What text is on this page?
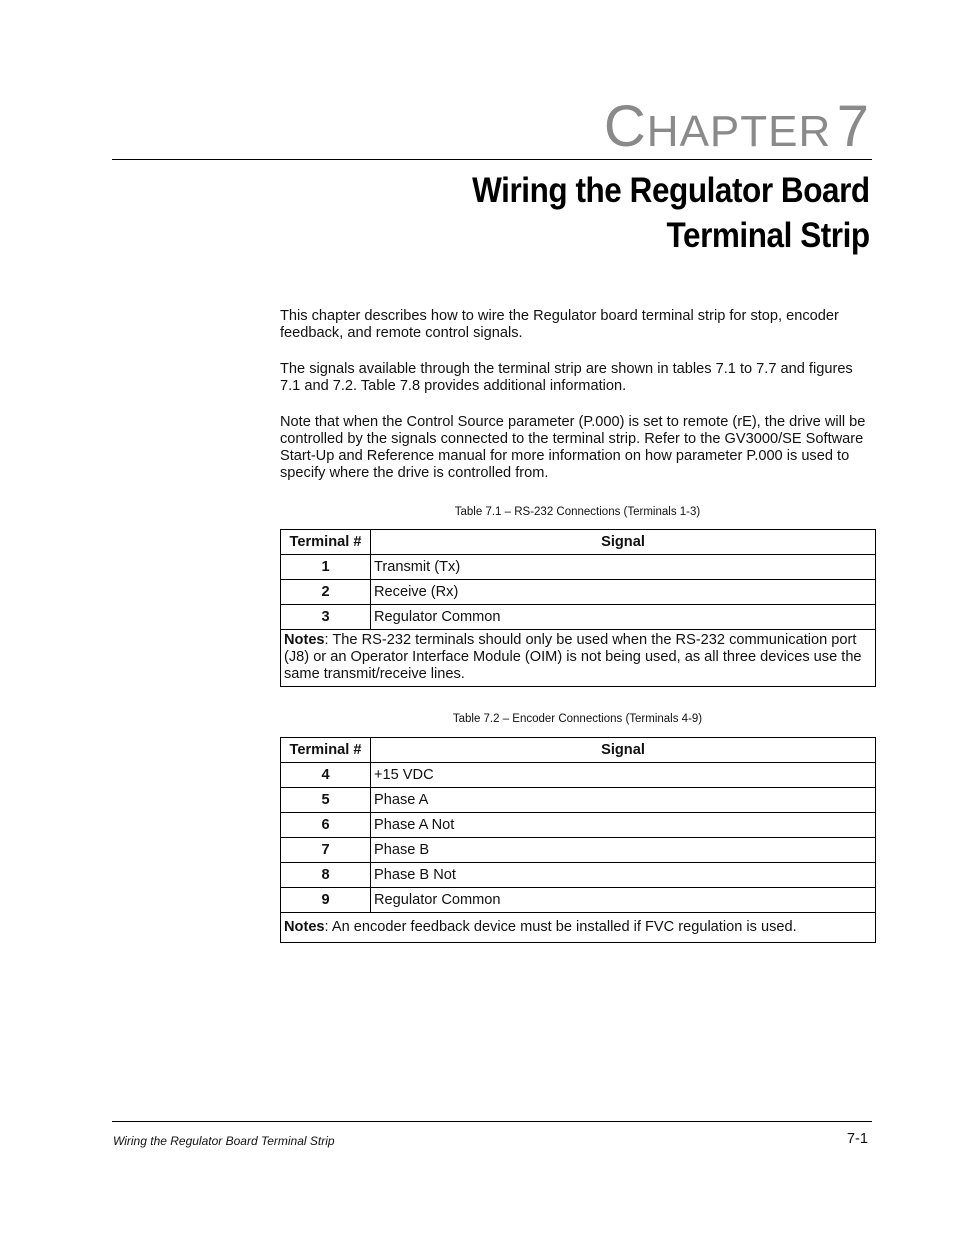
CHAPTER 7
Wiring the Regulator Board
Terminal Strip

This chapter describes how to wire the Regulator board terminal strip for stop, encoder feedback, and remote control signals.

The signals available through the terminal strip are shown in tables 7.1 to 7.7 and figures 7.1 and 7.2. Table 7.8 provides additional information.

Note that when the Control Source parameter (P.000) is set to remote (rE), the drive will be controlled by the signals connected to the terminal strip. Refer to the GV3000/SE Software Start-Up and Reference manual for more information on how parameter P.000 is used to specify where the drive is controlled from.

Table 7.1 – RS-232 Connections (Terminals 1-3)
Terminal #	Signal
1	Transmit (Tx)
2	Receive (Rx)
3	Regulator Common
Notes: The RS-232 terminals should only be used when the RS-232 communication port (J8) or an Operator Interface Module (OIM) is not being used, as all three devices use the same transmit/receive lines.	
Table 7.2 – Encoder Connections (Terminals 4-9)
Terminal #	Signal
4	+15 VDC
5	Phase A
6	Phase A Not
7	Phase B
8	Phase B Not
9	Regulator Common
Notes: An encoder feedback device must be installed if FVC regulation is used.	
Wiring the Regulator Board Terminal Strip	7-1
